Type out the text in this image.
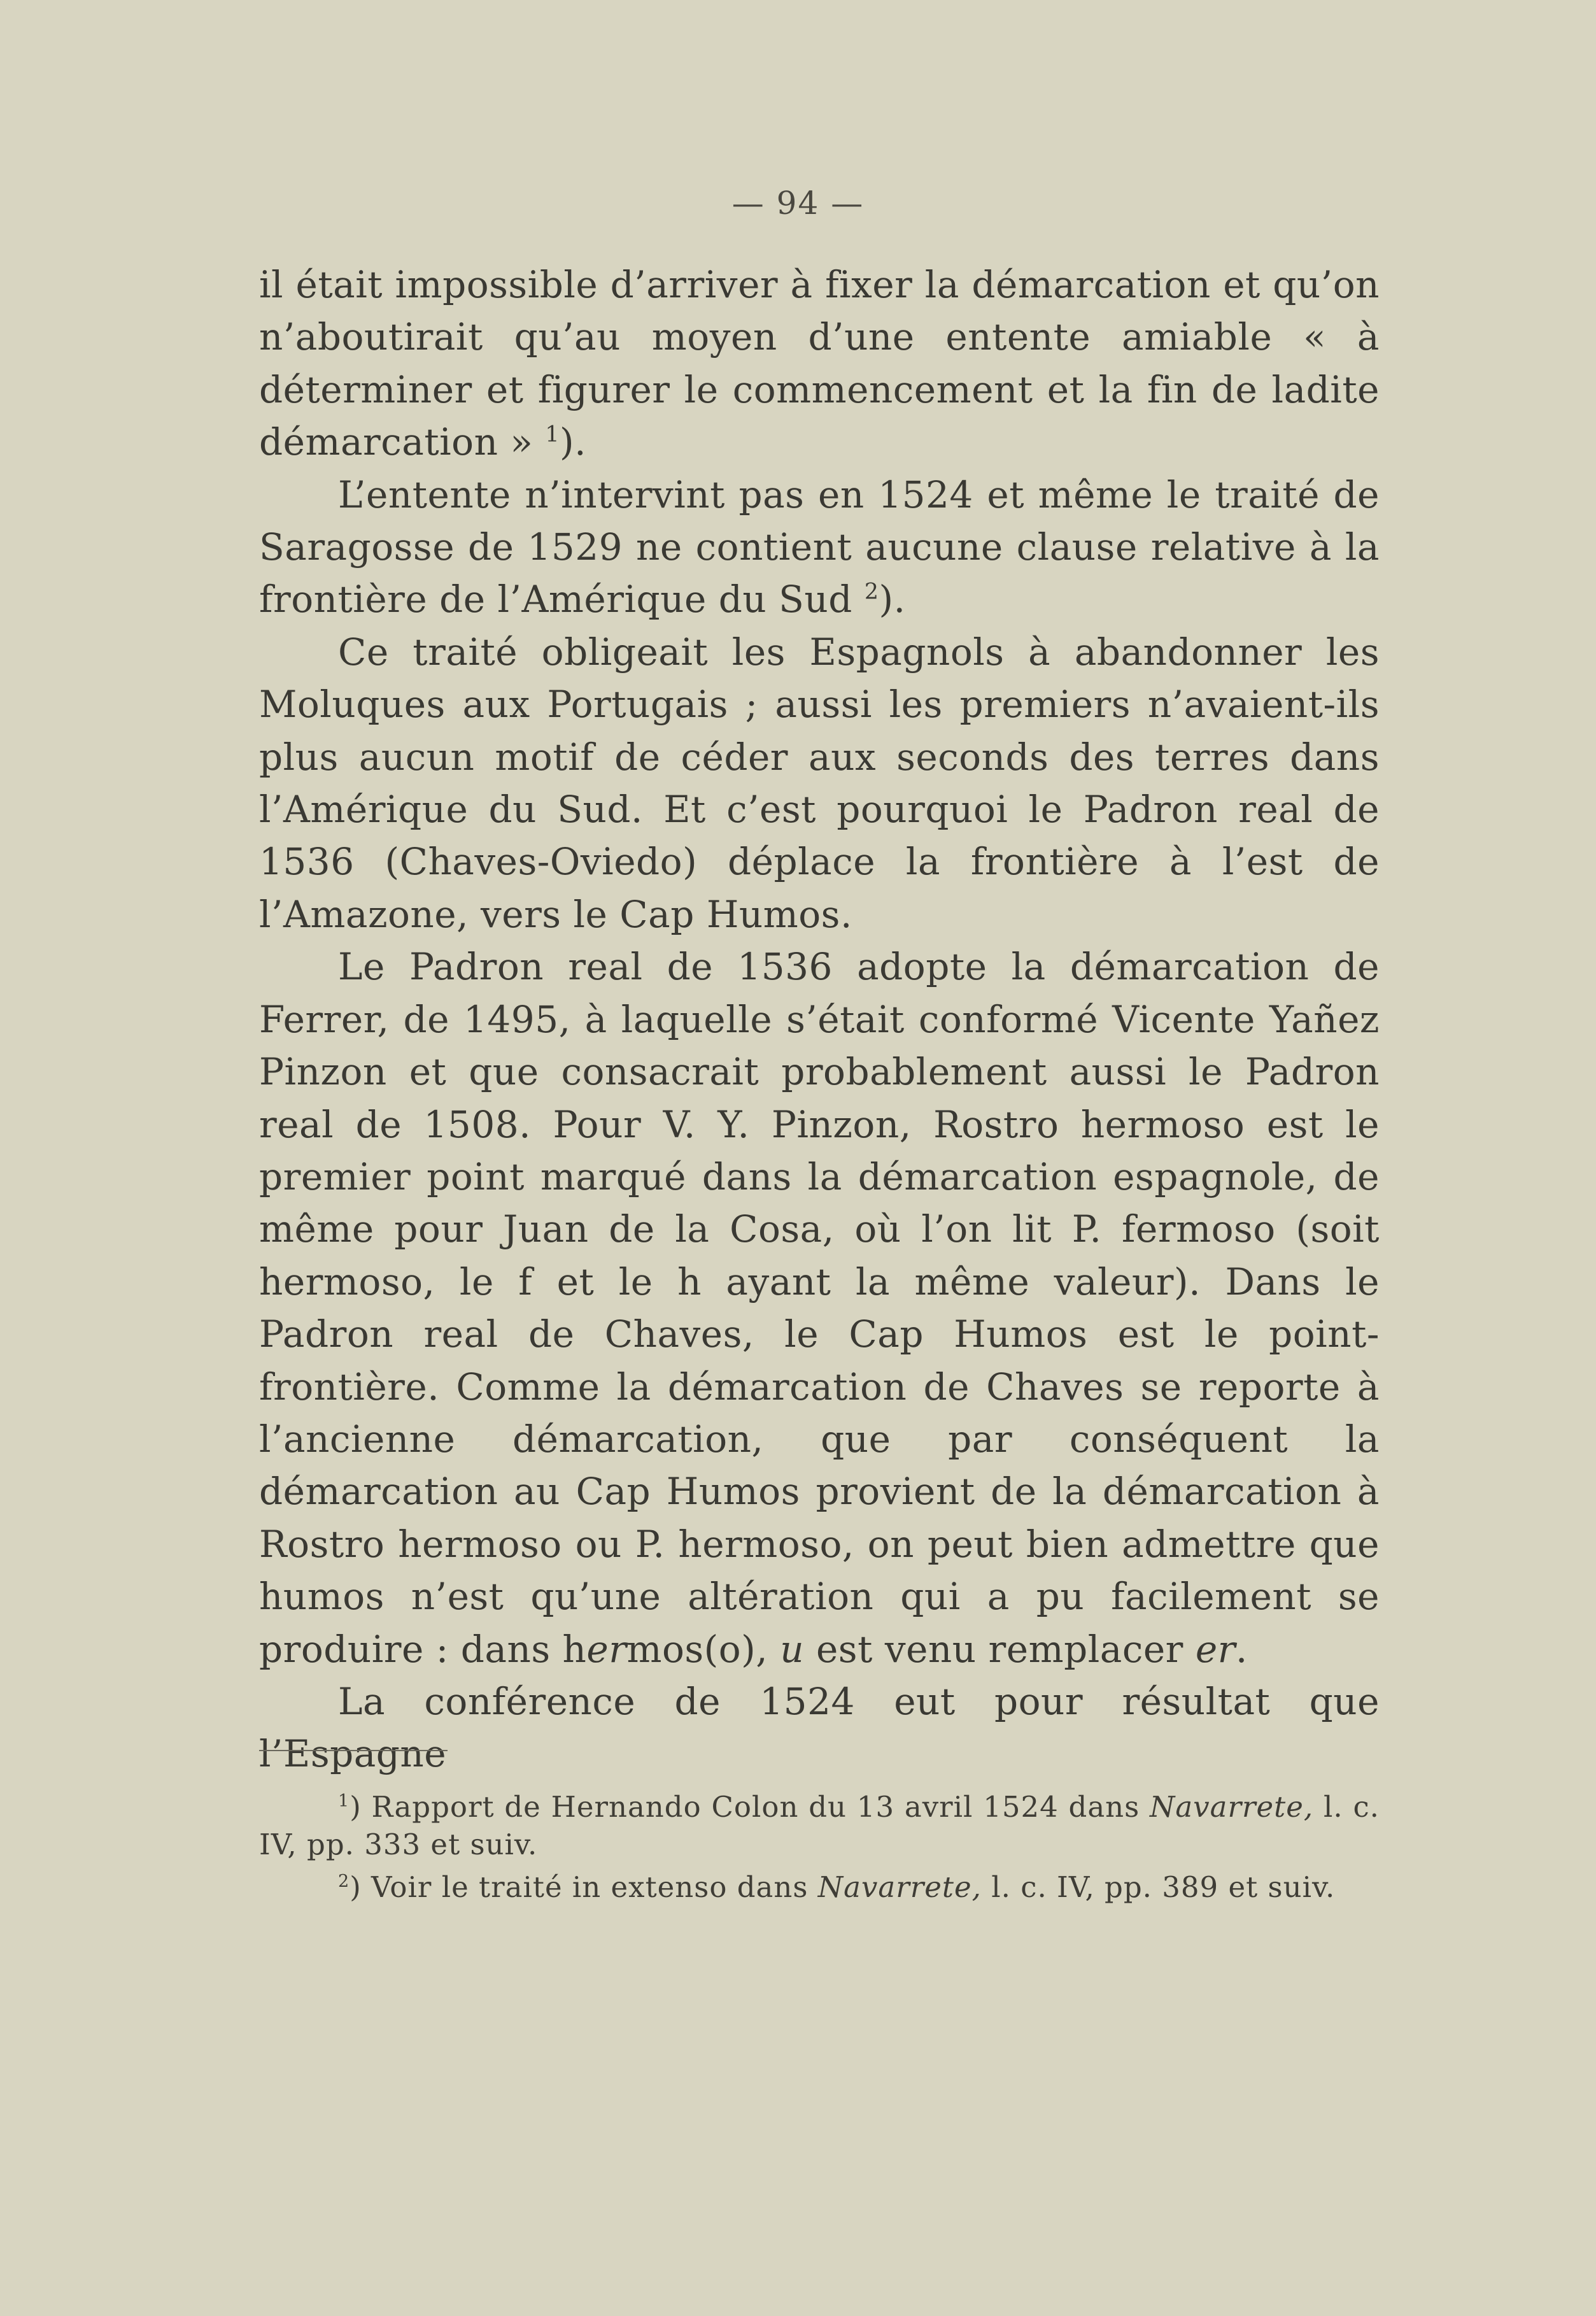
— 94 —

il était impossible d’arriver à fixer la démarcation et qu’on n’aboutirait qu’au moyen d’une entente amiable « à déterminer et figurer le commencement et la fin de ladite démarcation » $^1$).

L’entente n’intervint pas en 1524 et même le traité de Saragosse de 1529 ne contient aucune clause relative à la frontière de l’Amérique du Sud $^2$).

Ce traité obligeait les Espagnols à abandonner les Moluques aux Portugais ; aussi les premiers n’avaient-ils plus aucun motif de céder aux seconds des terres dans l’Amérique du Sud. Et c’est pourquoi le Padron real de 1536 (Chaves-Oviedo) déplace la frontière à l’est de l’Amazone, vers le Cap Humos.

Le Padron real de 1536 adopte la démarcation de Ferrer, de 1495, à laquelle s’était conformé Vicente Yañez Pinzon et que consacrait probablement aussi le Padron real de 1508. Pour V. Y. Pinzon, Rostro hermoso est le premier point marqué dans la démarcation espagnole, de même pour Juan de la Cosa, où l’on lit P. fermoso (soit hermoso, le f et le h ayant la même valeur). Dans le Padron real de Chaves, le Cap Humos est le point-frontière. Comme la démarcation de Chaves se reporte à l’ancienne démarcation, que par conséquent la démarcation au Cap Humos provient de la démarcation à Rostro hermoso ou P. hermoso, on peut bien admettre que humos n’est qu’une altération qui a pu facilement se produire : dans hermos(o), u est venu remplacer er.

La conférence de 1524 eut pour résultat que l’Espagne

$^1$) Rapport de Hernando Colon du 13 avril 1524 dans Navarrete, l. c. IV, pp. 333 et suiv.

$^2$) Voir le traité in extenso dans Navarrete, l. c. IV, pp. 389 et suiv.
